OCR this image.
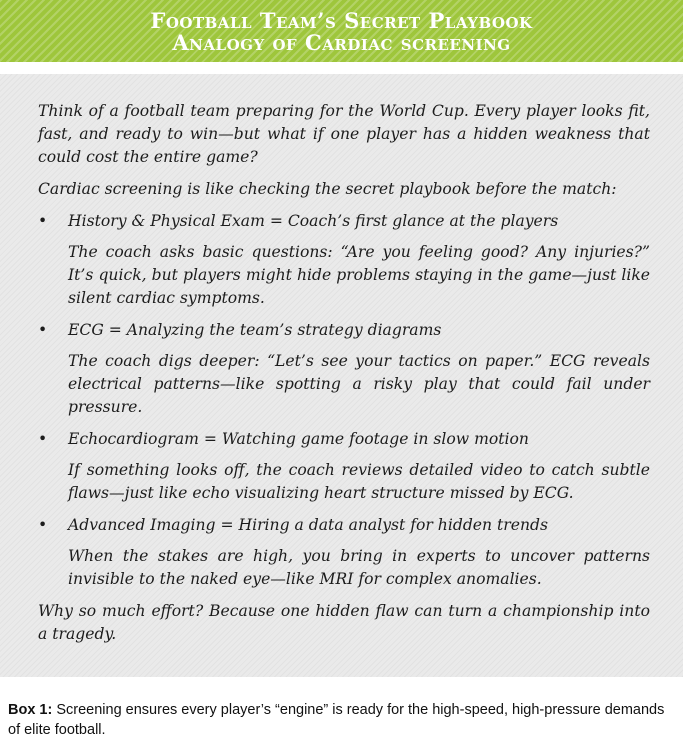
Football Team’s Secret Playbook
Analogy of Cardiac screening

Think of a football team preparing for the World Cup. Every player looks fit, fast, and ready to win—but what if one player has a hidden weakness that could cost the entire game?

Cardiac screening is like checking the secret playbook before the match:

• History & Physical Exam = Coach’s first glance at the players

The coach asks basic questions: “Are you feeling good? Any injuries?” It’s quick, but players might hide problems staying in the game—just like silent cardiac symptoms.

• ECG = Analyzing the team’s strategy diagrams

The coach digs deeper: “Let’s see your tactics on paper.” ECG reveals electrical patterns—like spotting a risky play that could fail under pressure.

• Echocardiogram = Watching game footage in slow motion

If something looks off, the coach reviews detailed video to catch subtle flaws—just like echo visualizing heart structure missed by ECG.

• Advanced Imaging = Hiring a data analyst for hidden trends

When the stakes are high, you bring in experts to uncover patterns invisible to the naked eye—like MRI for complex anomalies.

Why so much effort? Because one hidden flaw can turn a championship into a tragedy.

Box 1: Screening ensures every player’s “engine” is ready for the high-speed, high-pressure demands of elite football.
